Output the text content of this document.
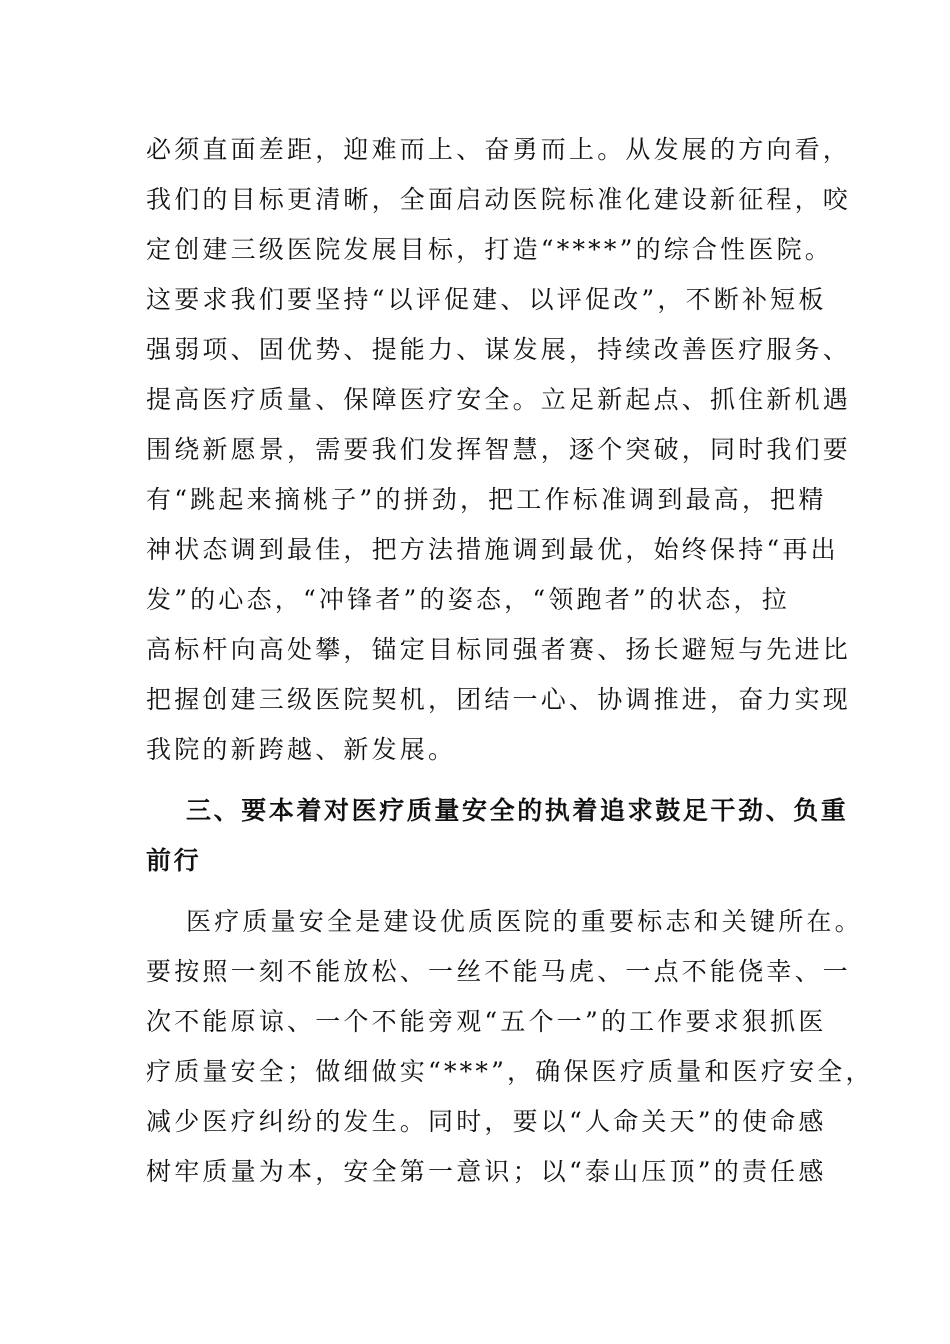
必须直面差距，迎难而上、奋勇而上。从发展的方向看，
我们的目标更清晰，全面启动医院标准化建设新征程，咬
定创建三级医院发展目标，打造“****”的综合性医院。
这要求我们要坚持“以评促建、以评促改”，不断补短板
强弱项、固优势、提能力、谋发展，持续改善医疗服务、
提高医疗质量、保障医疗安全。立足新起点、抓住新机遇
围绕新愿景，需要我们发挥智慧，逐个突破，同时我们要
有“跳起来摘桃子”的拼劲，把工作标准调到最高，把精
神状态调到最佳，把方法措施调到最优，始终保持“再出
发”的心态，“冲锋者”的姿态，“领跑者”的状态，拉
高标杆向高处攀，锚定目标同强者赛、扬长避短与先进比
把握创建三级医院契机，团结一心、协调推进，奋力实现
我院的新跨越、新发展。
三、要本着对医疗质量安全的执着追求鼓足干劲、负重
前行
医疗质量安全是建设优质医院的重要标志和关键所在。
要按照一刻不能放松、一丝不能马虎、一点不能侥幸、一
次不能原谅、一个不能旁观“五个一”的工作要求狠抓医
疗质量安全；做细做实“***”，确保医疗质量和医疗安全，
减少医疗纠纷的发生。同时，要以“人命关天”的使命感
树牢质量为本，安全第一意识；以“泰山压顶”的责任感
